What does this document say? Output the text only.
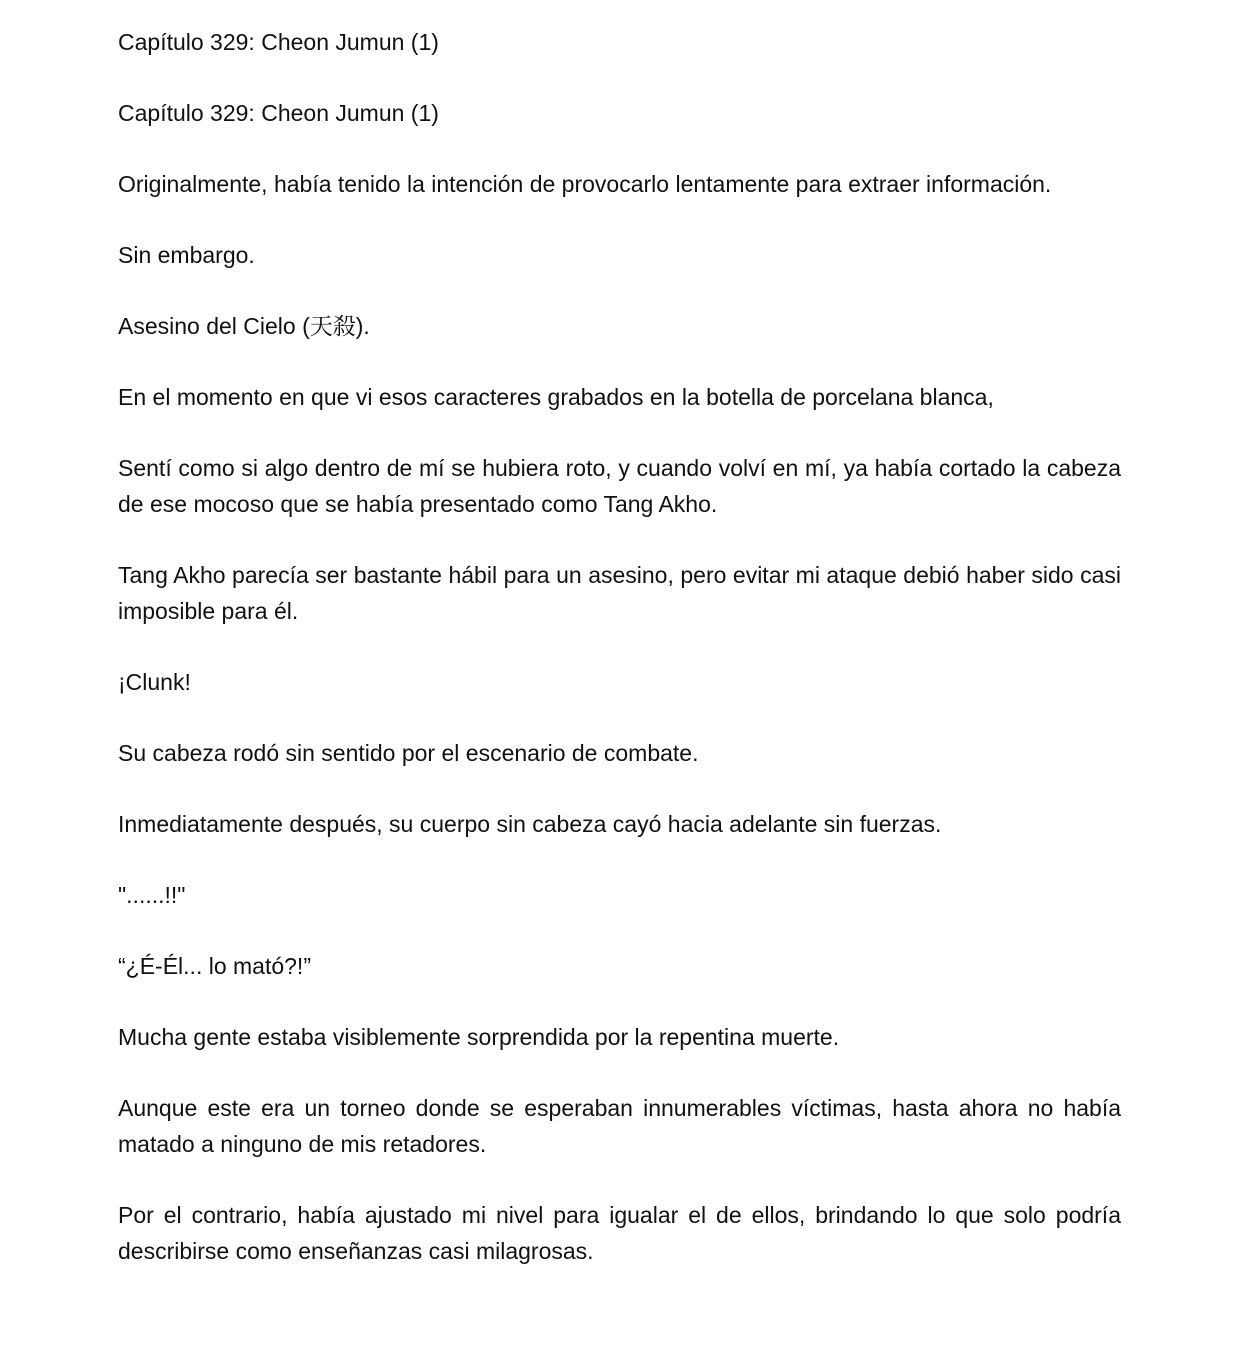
Capítulo 329: Cheon Jumun (1)

Capítulo 329: Cheon Jumun (1)

Originalmente, había tenido la intención de provocarlo lentamente para extraer información.

Sin embargo.

Asesino del Cielo (天殺).

En el momento en que vi esos caracteres grabados en la botella de porcelana blanca,

Sentí como si algo dentro de mí se hubiera roto, y cuando volví en mí, ya había cortado la cabeza de ese mocoso que se había presentado como Tang Akho.

Tang Akho parecía ser bastante hábil para un asesino, pero evitar mi ataque debió haber sido casi imposible para él.

¡Clunk!

Su cabeza rodó sin sentido por el escenario de combate.

Inmediatamente después, su cuerpo sin cabeza cayó hacia adelante sin fuerzas.

"......!!"

“¿É-Él... lo mató?!”

Mucha gente estaba visiblemente sorprendida por la repentina muerte.

Aunque este era un torneo donde se esperaban innumerables víctimas, hasta ahora no había matado a ninguno de mis retadores.

Por el contrario, había ajustado mi nivel para igualar el de ellos, brindando lo que solo podría describirse como enseñanzas casi milagrosas.
